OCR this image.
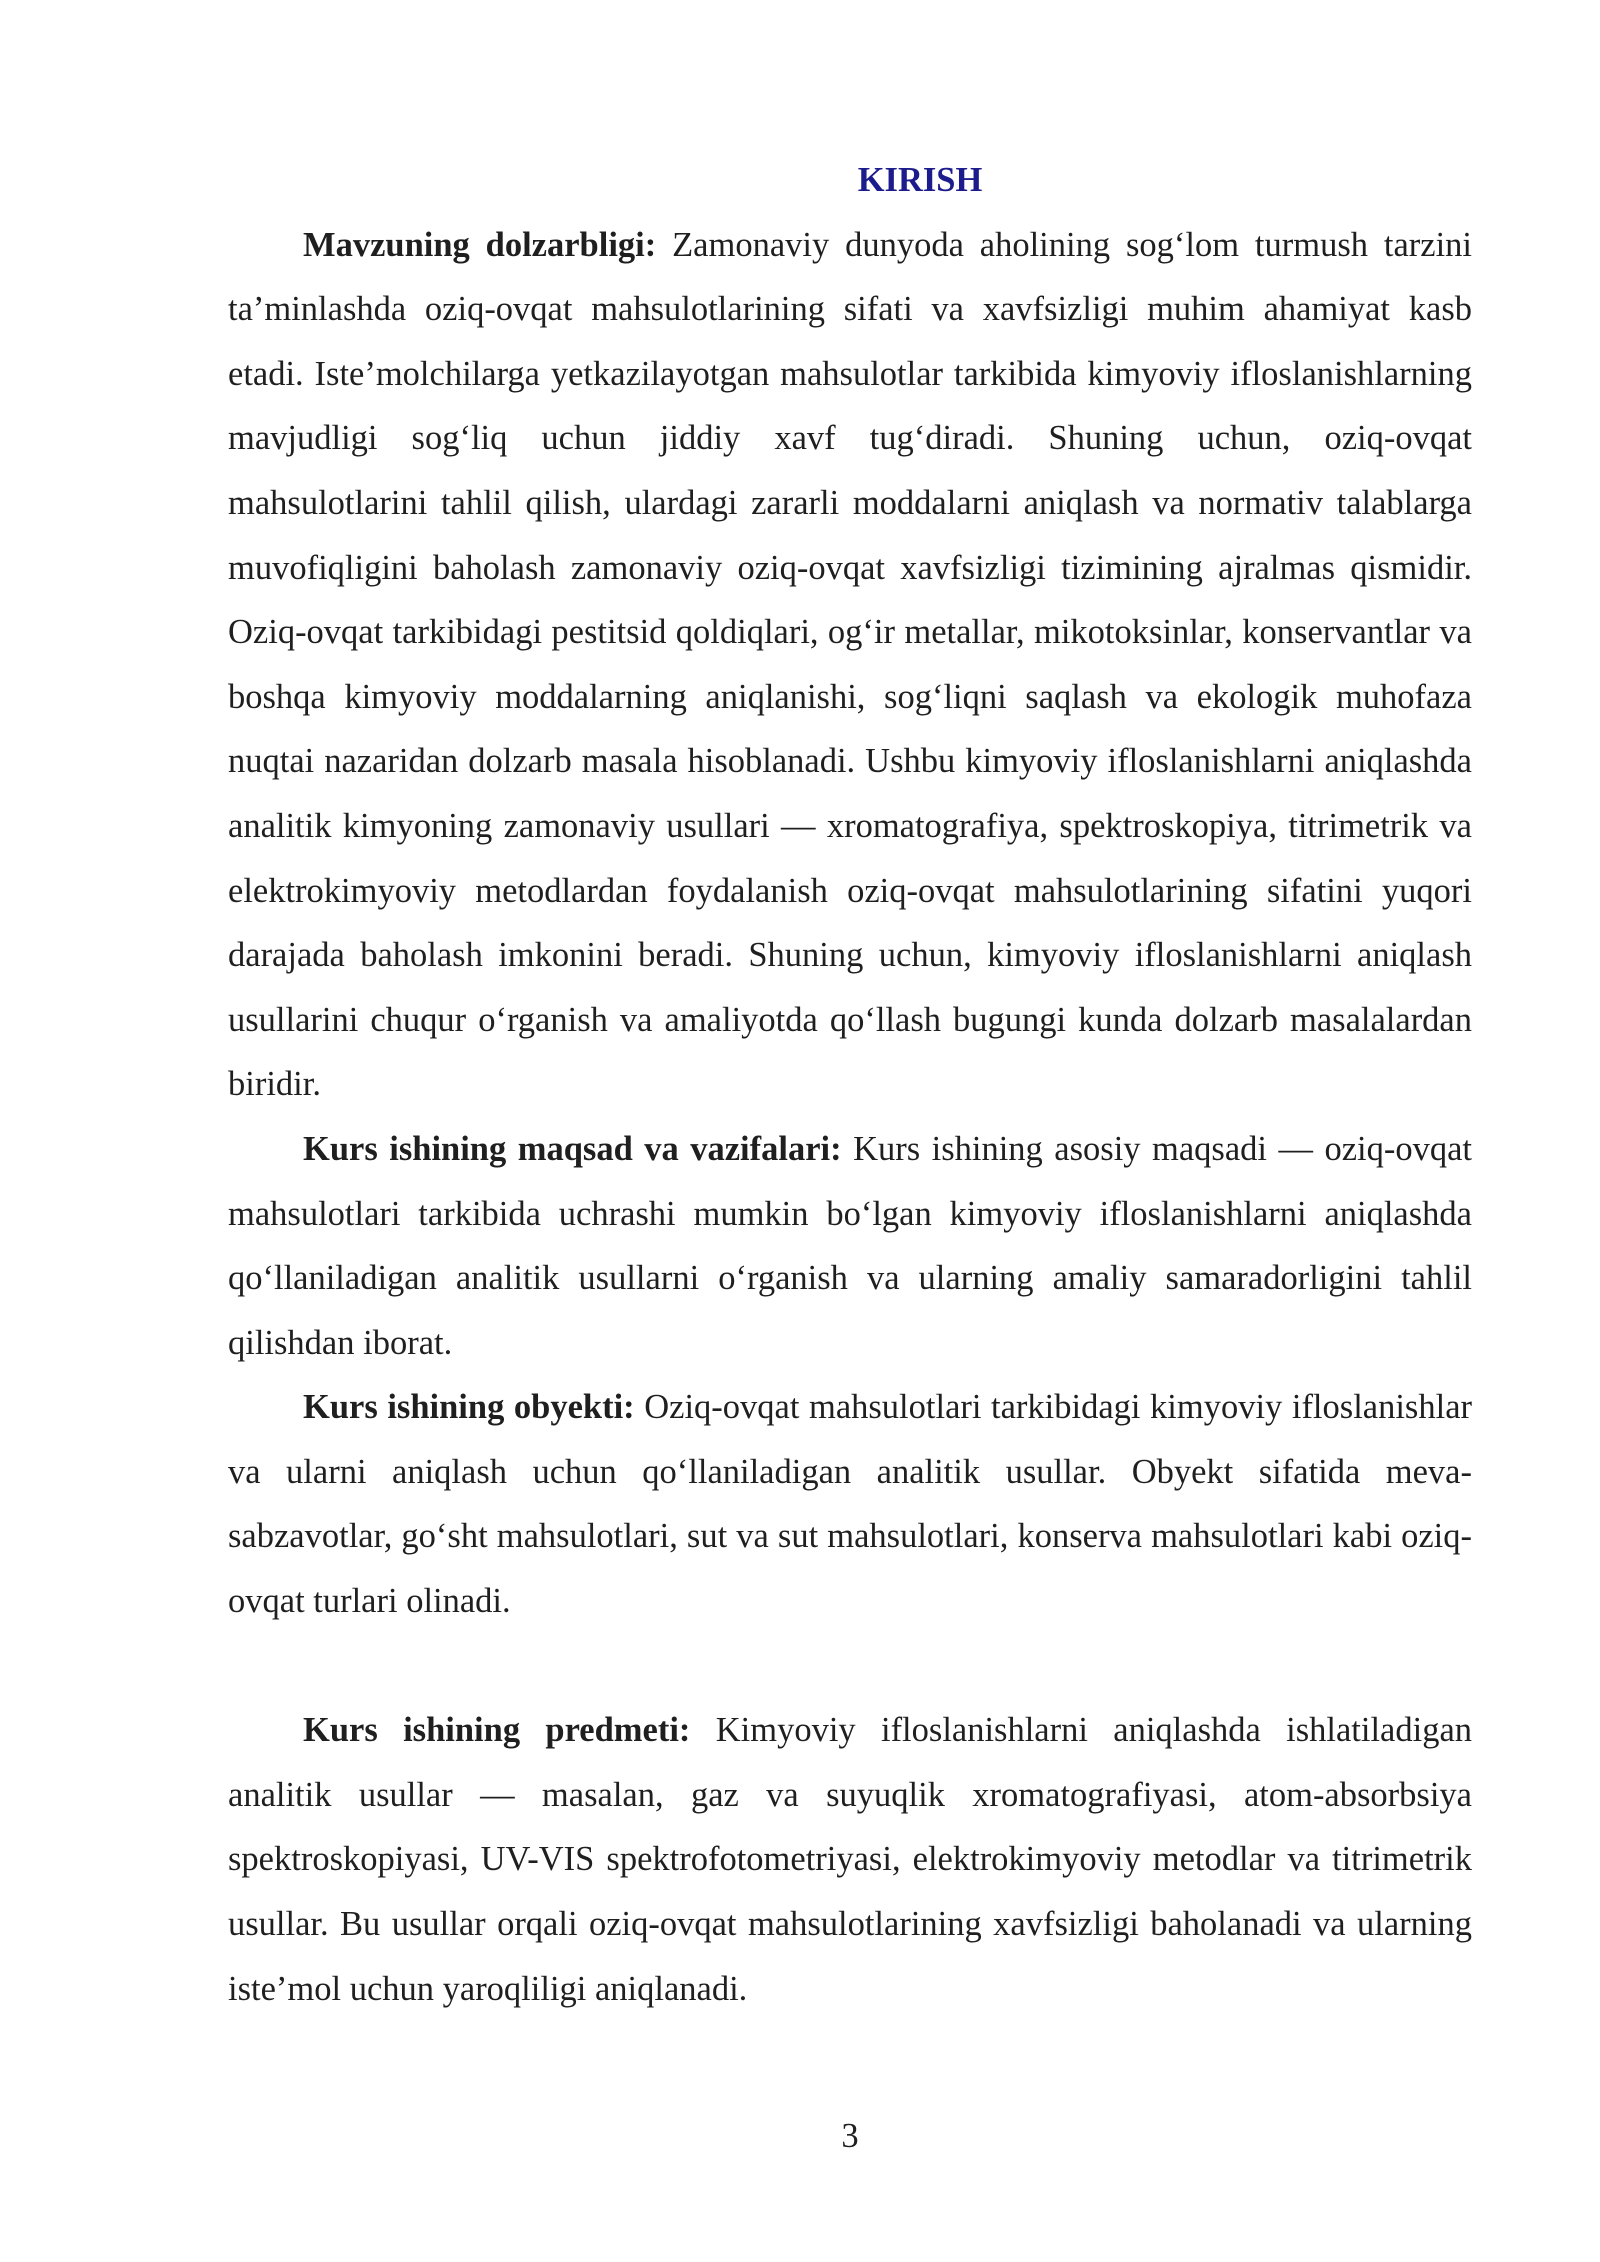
KIRISH

Mavzuning dolzarbligi: Zamonaviy dunyoda aholining sog‘lom turmush tarzini ta’minlashda oziq-ovqat mahsulotlarining sifati va xavfsizligi muhim ahamiyat kasb etadi. Iste’molchilarga yetkazilayotgan mahsulotlar tarkibida kimyoviy ifloslanishlarning mavjudligi sog‘liq uchun jiddiy xavf tug‘diradi. Shuning uchun, oziq-ovqat mahsulotlarini tahlil qilish, ulardagi zararli moddalarni aniqlash va normativ talablarga muvofiqligini baholash zamonaviy oziq-ovqat xavfsizligi tizimining ajralmas qismidir. Oziq-ovqat tarkibidagi pestitsid qoldiqlari, og‘ir metallar, mikotoksinlar, konservantlar va boshqa kimyoviy moddalarning aniqlanishi, sog‘liqni saqlash va ekologik muhofaza nuqtai nazaridan dolzarb masala hisoblanadi. Ushbu kimyoviy ifloslanishlarni aniqlashda analitik kimyoning zamonaviy usullari — xromatografiya, spektroskopiya, titrimetrik va elektrokimyoviy metodlardan foydalanish oziq-ovqat mahsulotlarining sifatini yuqori darajada baholash imkonini beradi. Shuning uchun, kimyoviy ifloslanishlarni aniqlash usullarini chuqur o‘rganish va amaliyotda qo‘llash bugungi kunda dolzarb masalalardan biridir.

Kurs ishining maqsad va vazifalari: Kurs ishining asosiy maqsadi — oziq-ovqat mahsulotlari tarkibida uchrashi mumkin bo‘lgan kimyoviy ifloslanishlarni aniqlashda qo‘llaniladigan analitik usullarni o‘rganish va ularning amaliy samaradorligini tahlil qilishdan iborat.

Kurs ishining obyekti: Oziq-ovqat mahsulotlari tarkibidagi kimyoviy ifloslanishlar va ularni aniqlash uchun qo‘llaniladigan analitik usullar. Obyekt sifatida meva-sabzavotlar, go‘sht mahsulotlari, sut va sut mahsulotlari, konserva mahsulotlari kabi oziq-ovqat turlari olinadi.

Kurs ishining predmeti: Kimyoviy ifloslanishlarni aniqlashda ishlatiladigan analitik usullar — masalan, gaz va suyuqlik xromatografiyasi, atom-absorbsiya spektroskopiyasi, UV-VIS spektrofotometriyasi, elektrokimyoviy metodlar va titrimetrik usullar. Bu usullar orqali oziq-ovqat mahsulotlarining xavfsizligi baholanadi va ularning iste’mol uchun yaroqliligi aniqlanadi.

3
